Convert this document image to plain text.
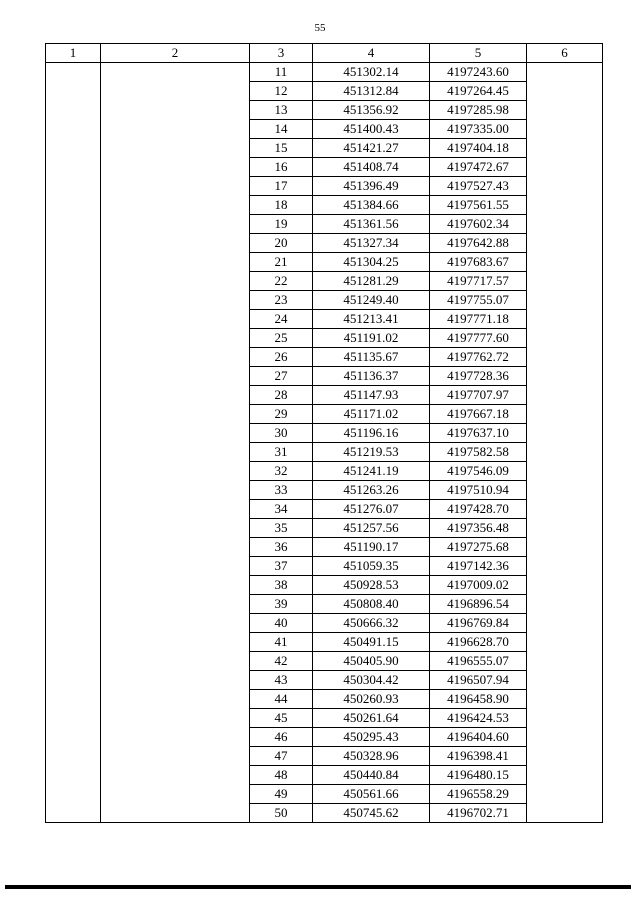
55
1	2	3	4	5	6
		11	451302.14	4197243.60	
		12	451312.84	4197264.45	
		13	451356.92	4197285.98	
		14	451400.43	4197335.00	
		15	451421.27	4197404.18	
		16	451408.74	4197472.67	
		17	451396.49	4197527.43	
		18	451384.66	4197561.55	
		19	451361.56	4197602.34	
		20	451327.34	4197642.88	
		21	451304.25	4197683.67	
		22	451281.29	4197717.57	
		23	451249.40	4197755.07	
		24	451213.41	4197771.18	
		25	451191.02	4197777.60	
		26	451135.67	4197762.72	
		27	451136.37	4197728.36	
		28	451147.93	4197707.97	
		29	451171.02	4197667.18	
		30	451196.16	4197637.10	
		31	451219.53	4197582.58	
		32	451241.19	4197546.09	
		33	451263.26	4197510.94	
		34	451276.07	4197428.70	
		35	451257.56	4197356.48	
		36	451190.17	4197275.68	
		37	451059.35	4197142.36	
		38	450928.53	4197009.02	
		39	450808.40	4196896.54	
		40	450666.32	4196769.84	
		41	450491.15	4196628.70	
		42	450405.90	4196555.07	
		43	450304.42	4196507.94	
		44	450260.93	4196458.90	
		45	450261.64	4196424.53	
		46	450295.43	4196404.60	
		47	450328.96	4196398.41	
		48	450440.84	4196480.15	
		49	450561.66	4196558.29	
		50	450745.62	4196702.71	
